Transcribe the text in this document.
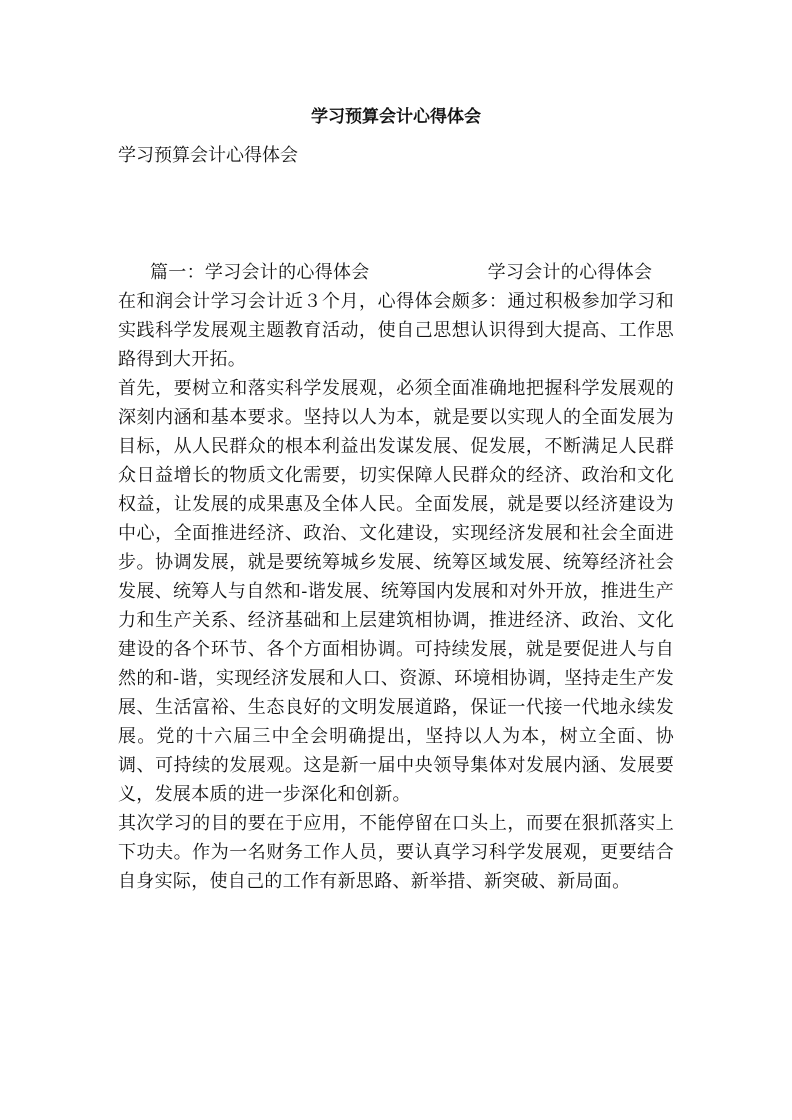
学习预算会计心得体会
学习预算会计心得体会
篇一：学习会计的心得体会	学习会计的心得体会

在和润会计学习会计近３个月，心得体会颇多：通过积极参加学习和实践科学发展观主题教育活动，使自己思想认识得到大提高、工作思路得到大开拓。

首先，要树立和落实科学发展观，必须全面准确地把握科学发展观的深刻内涵和基本要求。坚持以人为本，就是要以实现人的全面发展为目标，从人民群众的根本利益出发谋发展、促发展，不断满足人民群众日益增长的物质文化需要，切实保障人民群众的经济、政治和文化权益，让发展的成果惠及全体人民。全面发展，就是要以经济建设为中心，全面推进经济、政治、文化建设，实现经济发展和社会全面进步。协调发展，就是要统筹城乡发展、统筹区域发展、统筹经济社会发展、统筹人与自然和-谐发展、统筹国内发展和对外开放，推进生产力和生产关系、经济基础和上层建筑相协调，推进经济、政治、文化建设的各个环节、各个方面相协调。可持续发展，就是要促进人与自然的和-谐，实现经济发展和人口、资源、环境相协调，坚持走生产发展、生活富裕、生态良好的文明发展道路，保证一代接一代地永续发展。党的十六届三中全会明确提出，坚持以人为本，树立全面、协调、可持续的发展观。这是新一届中央领导集体对发展内涵、发展要义，发展本质的进一步深化和创新。

其次学习的目的要在于应用，不能停留在口头上，而要在狠抓落实上下功夫。作为一名财务工作人员，要认真学习科学发展观，更要结合自身实际，使自己的工作有新思路、新举措、新突破、新局面。
